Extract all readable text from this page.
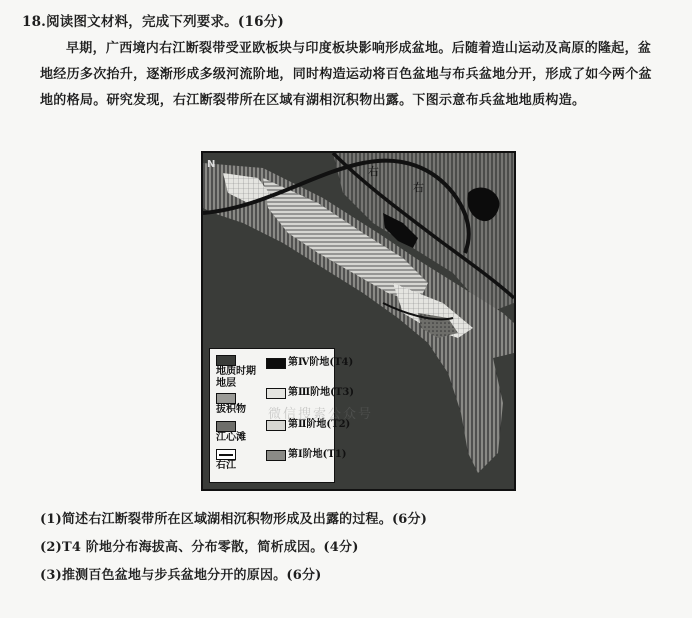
18.阅读图文材料，完成下列要求。(16分)

早期，广西境内右江断裂带受亚欧板块与印度板块影响形成盆地。后随着造山运动及高原的隆起，盆地经历多次抬升，逐渐形成多级河流阶地，同时构造运动将百色盆地与布兵盆地分开，形成了如今两个盆地的格局。研究发现，右江断裂带所在区域有湖相沉积物出露。下图示意布兵盆地地质构造。

右
右
N
地质时期地层
拔积物
江心滩
右江
第Ⅳ阶地(T4)
第Ⅲ阶地(T3)
第Ⅱ阶地(T2)
第Ⅰ阶地(T1)
微信搜索公众号
(1)简述右江断裂带所在区域湖相沉积物形成及出露的过程。(6分)
(2)T4 阶地分布海拔高、分布零散，简析成因。(4分)
(3)推测百色盆地与步兵盆地分开的原因。(6分)
